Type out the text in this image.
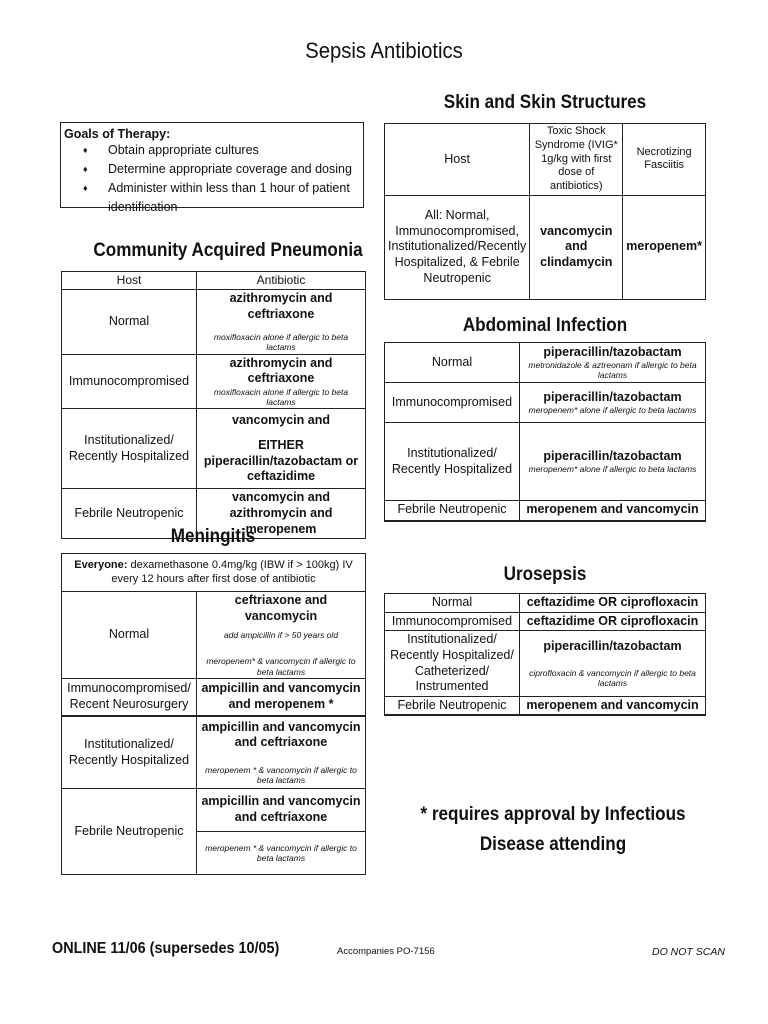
Sepsis Antibiotics
Goals of Therapy:
♦ Obtain appropriate cultures
♦ Determine appropriate coverage and dosing
♦ Administer within less than 1 hour of patient identification
Community Acquired Pneumonia
Host	Antibiotic
Normal	azithromycin and ceftriaxone
moxifloxacin alone if allergic to beta lactams

Immunocompromised	azithromycin and ceftriaxone
moxifloxacin alone if allergic to beta lactams

Institutionalized/ Recently Hospitalized	vancomycin and
EITHER piperacillin/tazobactam or ceftazidime

Febrile Neutropenic	vancomycin and azithromycin and meropenem
Meningitis
Everyone: dexamethasone 0.4mg/kg (IBW if > 100kg) IV every 12 hours after first dose of antibiotic	
Normal	ceftriaxone and vancomycin
add ampicillin if > 50 years old
meropenem* & vancomycin if allergic to beta lactams

Immunocompromised/ Recent Neurosurgery	ampicillin and vancomycin and meropenem *
Institutionalized/ Recently Hospitalized	ampicillin and vancomycin and ceftriaxone
meropenem * & vancomycin if allergic to beta lactams

Febrile Neutropenic	ampicillin and vancomycin and ceftriaxone
	meropenem * & vancomycin if allergic to beta lactams
Skin and Skin Structures
Host	Toxic Shock Syndrome (IVIG* 1g/kg with first dose of antibiotics)	Necrotizing Fasciitis
All: Normal, Immunocompromised, Institutionalized/Recently Hospitalized, & Febrile Neutropenic	vancomycin and clindamycin	meropenem*
Abdominal Infection
Normal	piperacillin/tazobactam
metronidazole & aztreonam if allergic to beta lactams

Immunocompromised	piperacillin/tazobactam
meropenem* alone if allergic to beta lactams

Institutionalized/ Recently Hospitalized	piperacillin/tazobactam
meropenem* alone if allergic to beta lactams

Febrile Neutropenic	meropenem and vancomycin
Urosepsis
Normal	ceftazidime OR ciprofloxacin
Immunocompromised	ceftazidime OR ciprofloxacin
Institutionalized/ Recently Hospitalized/ Catheterized/ Instrumented	piperacillin/tazobactam
ciprofloxacin & vancomycin if allergic to beta lactams

Febrile Neutropenic	meropenem and vancomycin
* requires approval by Infectious Disease attending
ONLINE 11/06 (supersedes 10/05)	Accompanies PO-7156	DO NOT SCAN
